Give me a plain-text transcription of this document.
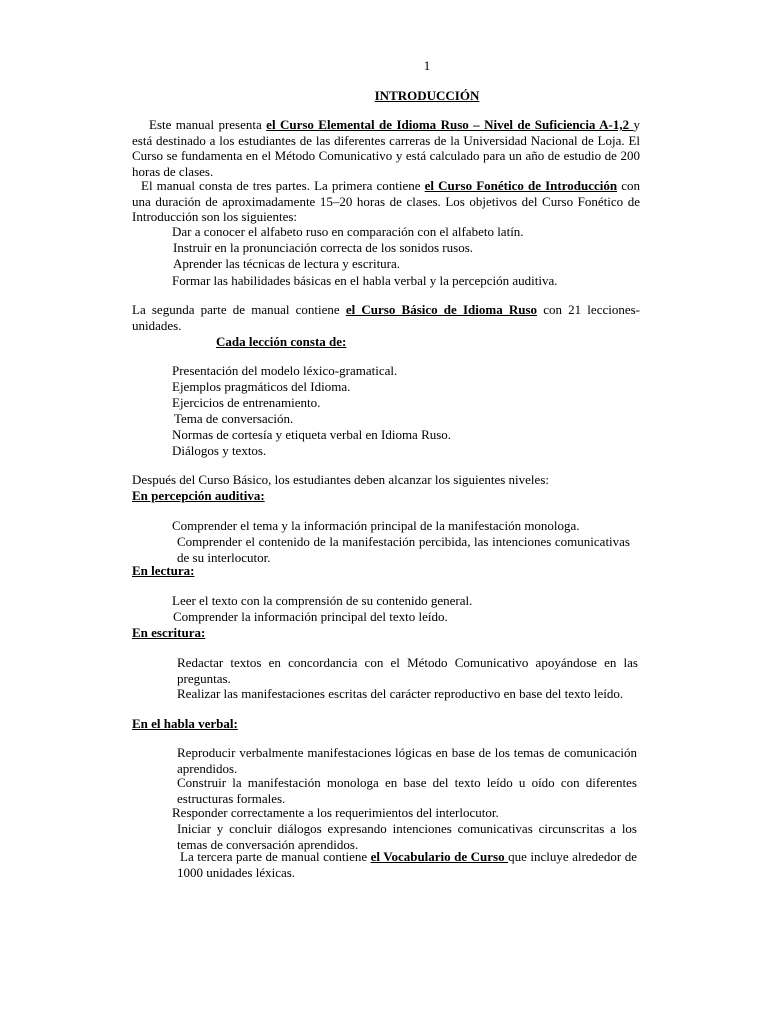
1
INTRODUCCIÓN

Este manual presenta el Curso Elemental de Idioma Ruso – Nivel de Suficiencia A-1,2 y está destinado a los estudiantes de las diferentes carreras de la Universidad Nacional de Loja. El Curso se fundamenta en el Método Comunicativo y está calculado para un año de estudio de 200 horas de clases.

El manual consta de tres partes. La primera contiene el Curso Fonético de Introducción con una duración de aproximadamente 15–20 horas de clases. Los objetivos del Curso Fonético de Introducción son los siguientes:

Dar a conocer el alfabeto ruso en comparación con el alfabeto latín.
Instruir en la pronunciación correcta de los sonidos rusos.
Aprender las técnicas de lectura y escritura.
Formar las habilidades básicas en el habla verbal y la percepción auditiva.

La segunda parte de manual contiene el Curso Básico de Idioma Ruso con 21 lecciones-unidades.

Cada lección consta de:
Presentación del modelo léxico-gramatical.
Ejemplos pragmáticos del Idioma.
Ejercicios de entrenamiento.
Tema de conversación.
Normas de cortesía y etiqueta verbal en Idioma Ruso.
Diálogos y textos.
Después del Curso Básico, los estudiantes deben alcanzar los siguientes niveles:
En percepción auditiva:
Comprender el tema y la información principal de la manifestación monologa.

Comprender el contenido de la manifestación percibida, las intenciones comunicativas de su interlocutor.

En lectura:
Leer el texto con la comprensión de su contenido general.
Comprender la información principal del texto leído.
En escritura:

Redactar textos en concordancia con el Método Comunicativo apoyándose en las preguntas.

Realizar las manifestaciones escritas del carácter reproductivo en base del texto leído.

En el habla verbal:

Reproducir verbalmente manifestaciones lógicas en base de los temas de comunicación aprendidos.

Construir la manifestación monologa en base del texto leído u oído con diferentes estructuras formales.

Responder correctamente a los requerimientos del interlocutor.

Iniciar y concluir diálogos expresando intenciones comunicativas circunscritas a los temas de conversación aprendidos.

La tercera parte de manual contiene el Vocabulario de Curso que incluye alrededor de 1000 unidades léxicas.
